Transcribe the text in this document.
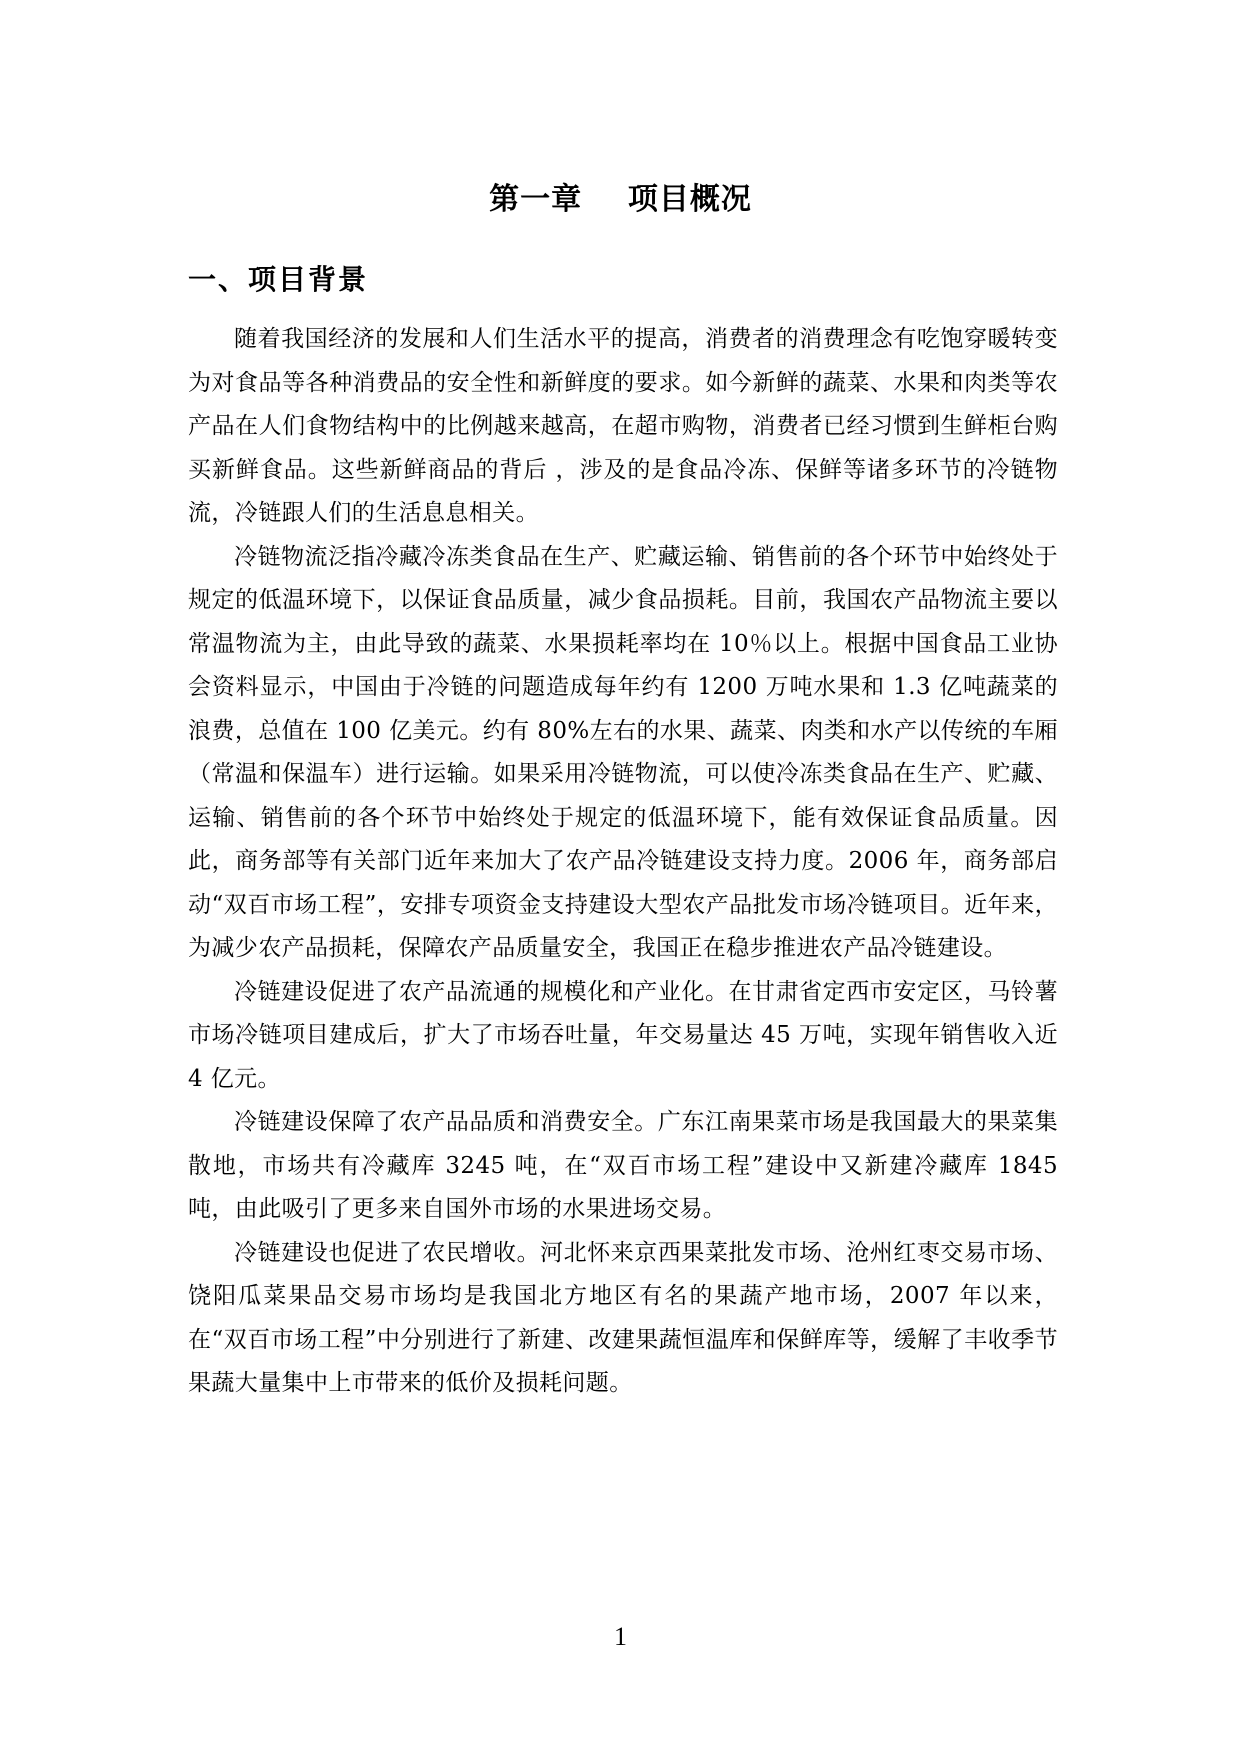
第一章    项目概况
一、项目背景

随着我国经济的发展和人们生活水平的提高，消费者的消费理念有吃饱穿暖转变为对食品等各种消费品的安全性和新鲜度的要求。如今新鲜的蔬菜、水果和肉类等农产品在人们食物结构中的比例越来越高，在超市购物，消费者已经习惯到生鲜柜台购买新鲜食品。这些新鲜商品的背后 ，涉及的是食品冷冻、保鲜等诸多环节的冷链物流，冷链跟人们的生活息息相关。

冷链物流泛指冷藏冷冻类食品在生产、贮藏运输、销售前的各个环节中始终处于规定的低温环境下，以保证食品质量，减少食品损耗。目前，我国农产品物流主要以常温物流为主，由此导致的蔬菜、水果损耗率均在 10％以上。根据中国食品工业协会资料显示，中国由于冷链的问题造成每年约有 1200 万吨水果和 1.3 亿吨蔬菜的浪费，总值在 100 亿美元。约有 80%左右的水果、蔬菜、肉类和水产以传统的车厢（常温和保温车）进行运输。如果采用冷链物流，可以使冷冻类食品在生产、贮藏、运输、销售前的各个环节中始终处于规定的低温环境下，能有效保证食品质量。因此，商务部等有关部门近年来加大了农产品冷链建设支持力度。2006 年，商务部启动“双百市场工程”，安排专项资金支持建设大型农产品批发市场冷链项目。近年来，为减少农产品损耗，保障农产品质量安全，我国正在稳步推进农产品冷链建设。

冷链建设促进了农产品流通的规模化和产业化。在甘肃省定西市安定区，马铃薯市场冷链项目建成后，扩大了市场吞吐量，年交易量达 45 万吨，实现年销售收入近 4 亿元。

冷链建设保障了农产品品质和消费安全。广东江南果菜市场是我国最大的果菜集散地，市场共有冷藏库 3245 吨，在“双百市场工程”建设中又新建冷藏库 1845 吨，由此吸引了更多来自国外市场的水果进场交易。

冷链建设也促进了农民增收。河北怀来京西果菜批发市场、沧州红枣交易市场、饶阳瓜菜果品交易市场均是我国北方地区有名的果蔬产地市场，2007 年以来，在“双百市场工程”中分别进行了新建、改建果蔬恒温库和保鲜库等，缓解了丰收季节果蔬大量集中上市带来的低价及损耗问题。

1
